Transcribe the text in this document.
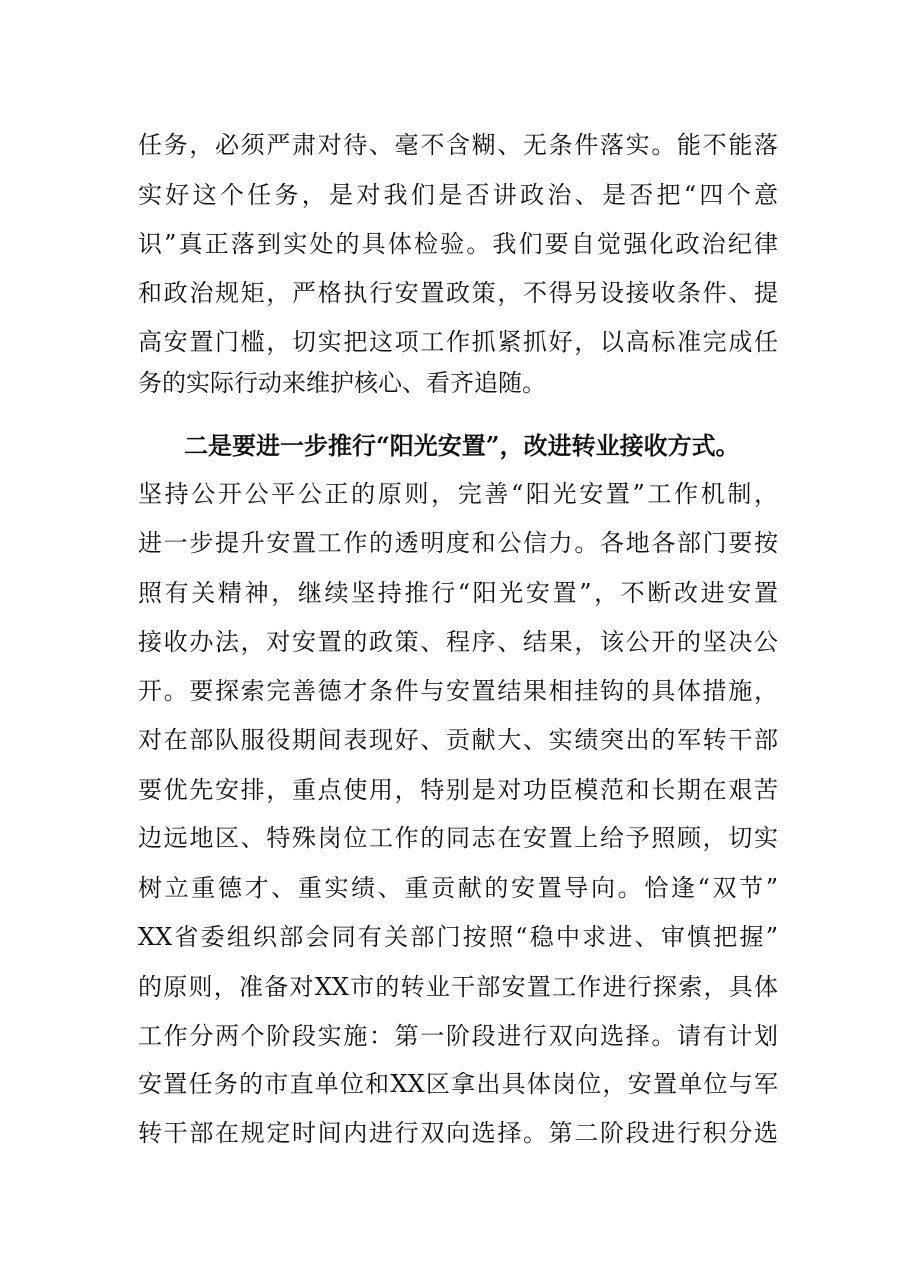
任务，必须严肃对待、毫不含糊、无条件落实。能不能落
实好这个任务，是对我们是否讲政治、是否把“四个意
识”真正落到实处的具体检验。我们要自觉强化政治纪律
和政治规矩，严格执行安置政策，不得另设接收条件、提
高安置门槛，切实把这项工作抓紧抓好，以高标准完成任
务的实际行动来维护核心、看齐追随。
二是要进一步推行“阳光安置”，改进转业接收方式。
坚持公开公平公正的原则，完善“阳光安置”工作机制，
进一步提升安置工作的透明度和公信力。各地各部门要按
照有关精神，继续坚持推行“阳光安置”，不断改进安置
接收办法，对安置的政策、程序、结果，该公开的坚决公
开。要探索完善德才条件与安置结果相挂钩的具体措施，
对在部队服役期间表现好、贡献大、实绩突出的军转干部
要优先安排，重点使用，特别是对功臣模范和长期在艰苦
边远地区、特殊岗位工作的同志在安置上给予照顾，切实
树立重德才、重实绩、重贡献的安置导向。恰逢“双节”
XX省委组织部会同有关部门按照“稳中求进、审慎把握”
的原则，准备对XX市的转业干部安置工作进行探索，具体
工作分两个阶段实施：第一阶段进行双向选择。请有计划
安置任务的市直单位和XX区拿出具体岗位，安置单位与军
转干部在规定时间内进行双向选择。第二阶段进行积分选
